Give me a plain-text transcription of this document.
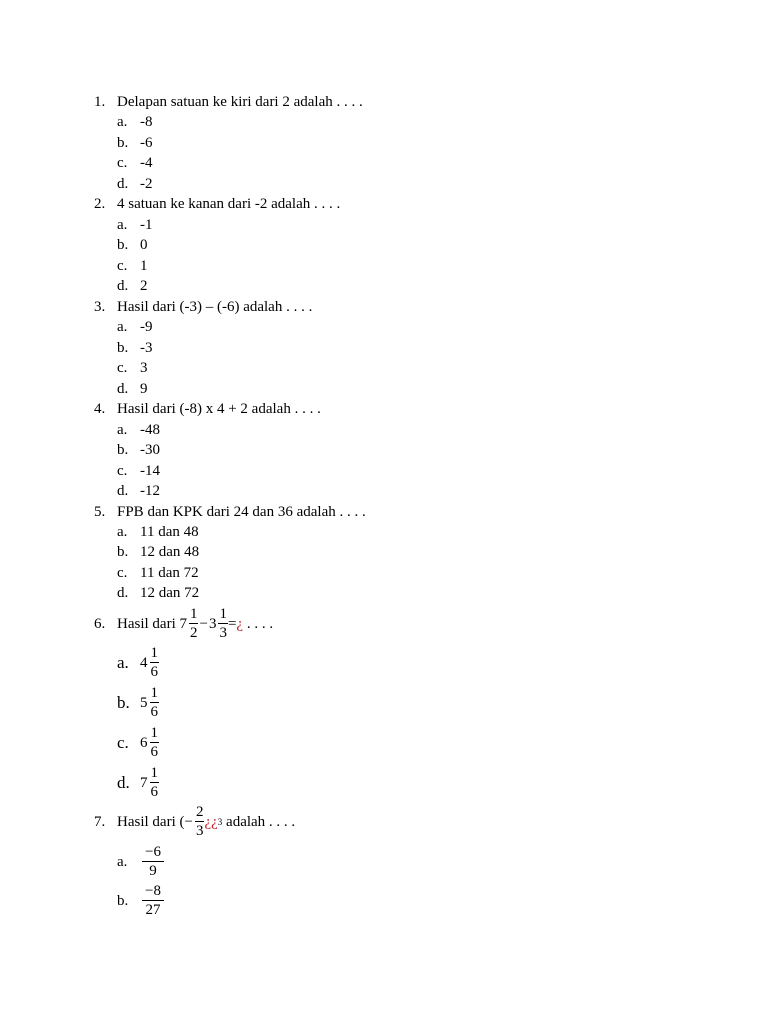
1. Delapan satuan ke kiri dari 2 adalah . . . .
a. -8
b. -6
c. -4
d. -2
2. 4 satuan ke kanan dari -2 adalah . . . .
a. -1
b. 0
c. 1
d. 2
3. Hasil dari (-3) – (-6) adalah . . . .
a. -9
b. -3
c. 3
d. 9
4. Hasil dari (-8) x 4 + 2 adalah . . . .
a. -48
b. -30
c. -14
d. -12
5. FPB dan KPK dari 24 dan 36 adalah . . . .
a. 11 dan 48
b. 12 dan 48
c. 11 dan 72
d. 12 dan 72
6. Hasil dari
$7 \frac{1}{2} - 3 \frac{1}{3}$ = ¿
. . . .
a. $4 \frac{1}{6}$
b. $5 \frac{1}{6}$
c. $6 \frac{1}{6}$
d. $7 \frac{1}{6}$
7. Hasil dari ( − $\frac{2}{3}$ ¿¿ 3
adalah . . . .
a. $\frac{-6}{9}$
b. $\frac{-8}{27}$
